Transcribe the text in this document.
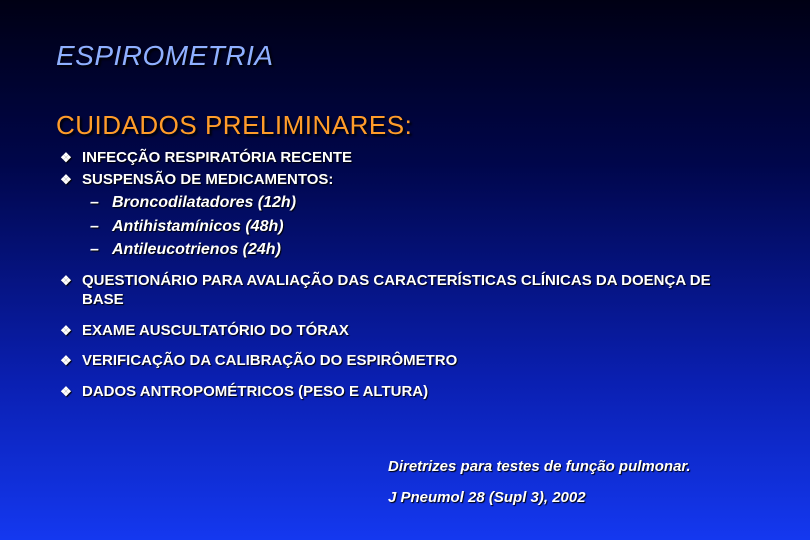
ESPIROMETRIA
CUIDADOS PRELIMINARES:
❖ INFECÇÃO RESPIRATÓRIA RECENTE
❖ SUSPENSÃO DE MEDICAMENTOS:
– Broncodilatadores (12h)
– Antihistamínicos (48h)
– Antileucotrienos (24h)
❖ QUESTIONÁRIO PARA AVALIAÇÃO DAS CARACTERÍSTICAS CLÍNICAS DA DOENÇA DE BASE
❖ EXAME AUSCULTATÓRIO DO TÓRAX
❖ VERIFICAÇÃO DA CALIBRAÇÃO DO ESPIRÔMETRO
❖ DADOS ANTROPOMÉTRICOS (PESO E ALTURA)
Diretrizes para testes de função pulmonar.
J Pneumol 28 (Supl 3), 2002
